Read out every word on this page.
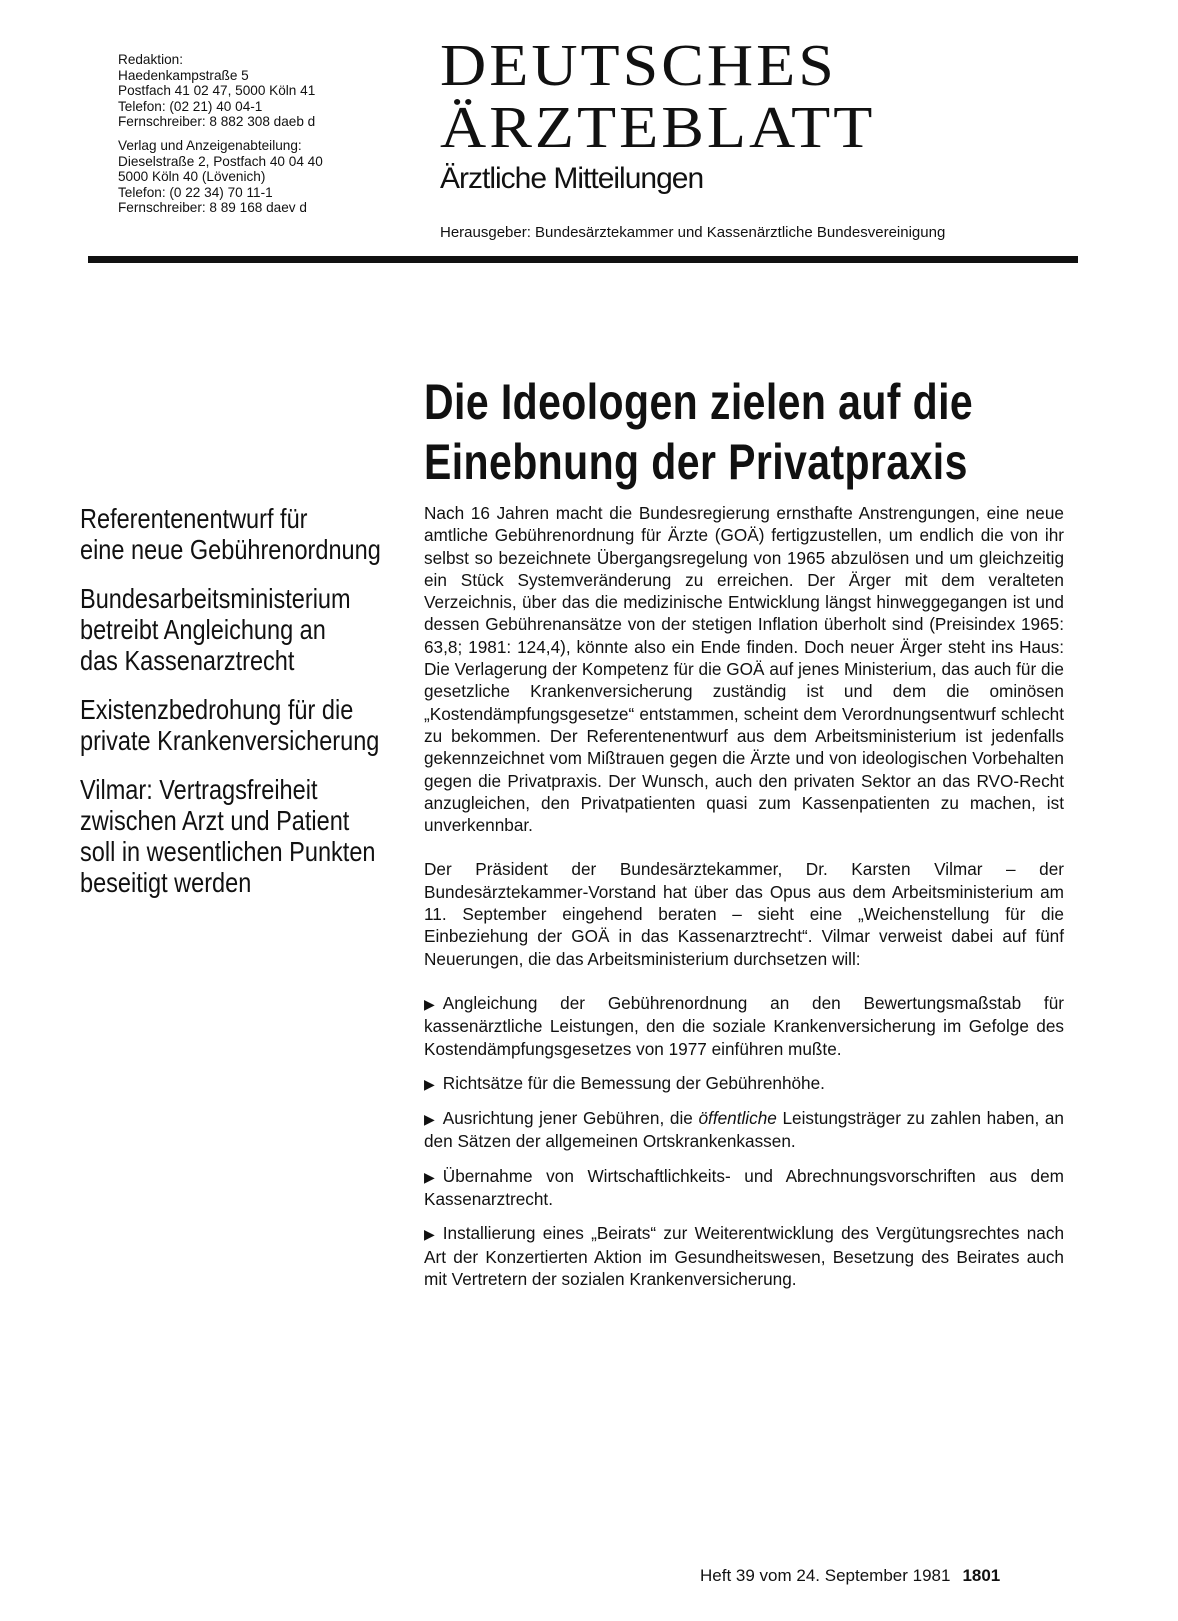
Redaktion:
Haedenkampstraße 5
Postfach 41 02 47, 5000 Köln 41
Telefon: (02 21) 40 04-1
Fernschreiber: 8 882 308 daeb d
Verlag und Anzeigenabteilung:
Dieselstraße 2, Postfach 40 04 40
5000 Köln 40 (Lövenich)
Telefon: (0 22 34) 70 11-1
Fernschreiber: 8 89 168 daev d
DEUTSCHES
ÄRZTEBLATT
Ärztliche Mitteilungen
Herausgeber: Bundesärztekammer und Kassenärztliche Bundesvereinigung
Die Ideologen zielen auf die
Einebnung der Privatpraxis
Referentenentwurf für
eine neue Gebührenordnung
Bundesarbeitsministerium
betreibt Angleichung an
das Kassenarztrecht
Existenzbedrohung für die
private Krankenversicherung
Vilmar: Vertragsfreiheit
zwischen Arzt und Patient
soll in wesentlichen Punkten
beseitigt werden

Nach 16 Jahren macht die Bundesregierung ernsthafte Anstrengungen, eine neue amtliche Gebührenordnung für Ärzte (GOÄ) fertigzustellen, um endlich die von ihr selbst so bezeichnete Übergangsregelung von 1965 abzulösen und um gleichzeitig ein Stück Systemveränderung zu erreichen. Der Ärger mit dem veralteten Verzeichnis, über das die medizinische Entwicklung längst hinweggegangen ist und dessen Gebührenansätze von der stetigen Inflation überholt sind (Preisindex 1965: 63,8; 1981: 124,4), könnte also ein Ende finden. Doch neuer Ärger steht ins Haus: Die Verlagerung der Kompetenz für die GOÄ auf jenes Ministerium, das auch für die gesetzliche Krankenversicherung zuständig ist und dem die ominösen „Kostendämpfungsgesetze“ entstammen, scheint dem Verordnungsentwurf schlecht zu bekommen. Der Referentenentwurf aus dem Arbeitsministerium ist jedenfalls gekennzeichnet vom Mißtrauen gegen die Ärzte und von ideologischen Vorbehalten gegen die Privatpraxis. Der Wunsch, auch den privaten Sektor an das RVO-Recht anzugleichen, den Privatpatienten quasi zum Kassenpatienten zu machen, ist unverkennbar.

Der Präsident der Bundesärztekammer, Dr. Karsten Vilmar – der Bundesärztekammer-Vorstand hat über das Opus aus dem Arbeitsministerium am 11. September eingehend beraten – sieht eine „Weichenstellung für die Einbeziehung der GOÄ in das Kassenarztrecht“. Vilmar verweist dabei auf fünf Neuerungen, die das Arbeitsministerium durchsetzen will:

▶ Angleichung der Gebührenordnung an den Bewertungsmaßstab für kassenärztliche Leistungen, den die soziale Krankenversicherung im Gefolge des Kostendämpfungsgesetzes von 1977 einführen mußte.
▶ Richtsätze für die Bemessung der Gebührenhöhe.
▶ Ausrichtung jener Gebühren, die öffentliche Leistungsträger zu zahlen haben, an den Sätzen der allgemeinen Ortskrankenkassen.
▶ Übernahme von Wirtschaftlichkeits- und Abrechnungsvorschriften aus dem Kassenarztrecht.
▶ Installierung eines „Beirats“ zur Weiterentwicklung des Vergütungsrechtes nach Art der Konzertierten Aktion im Gesundheitswesen, Besetzung des Beirates auch mit Vertretern der sozialen Krankenversicherung.
Heft 39 vom 24. September 1981 1801
